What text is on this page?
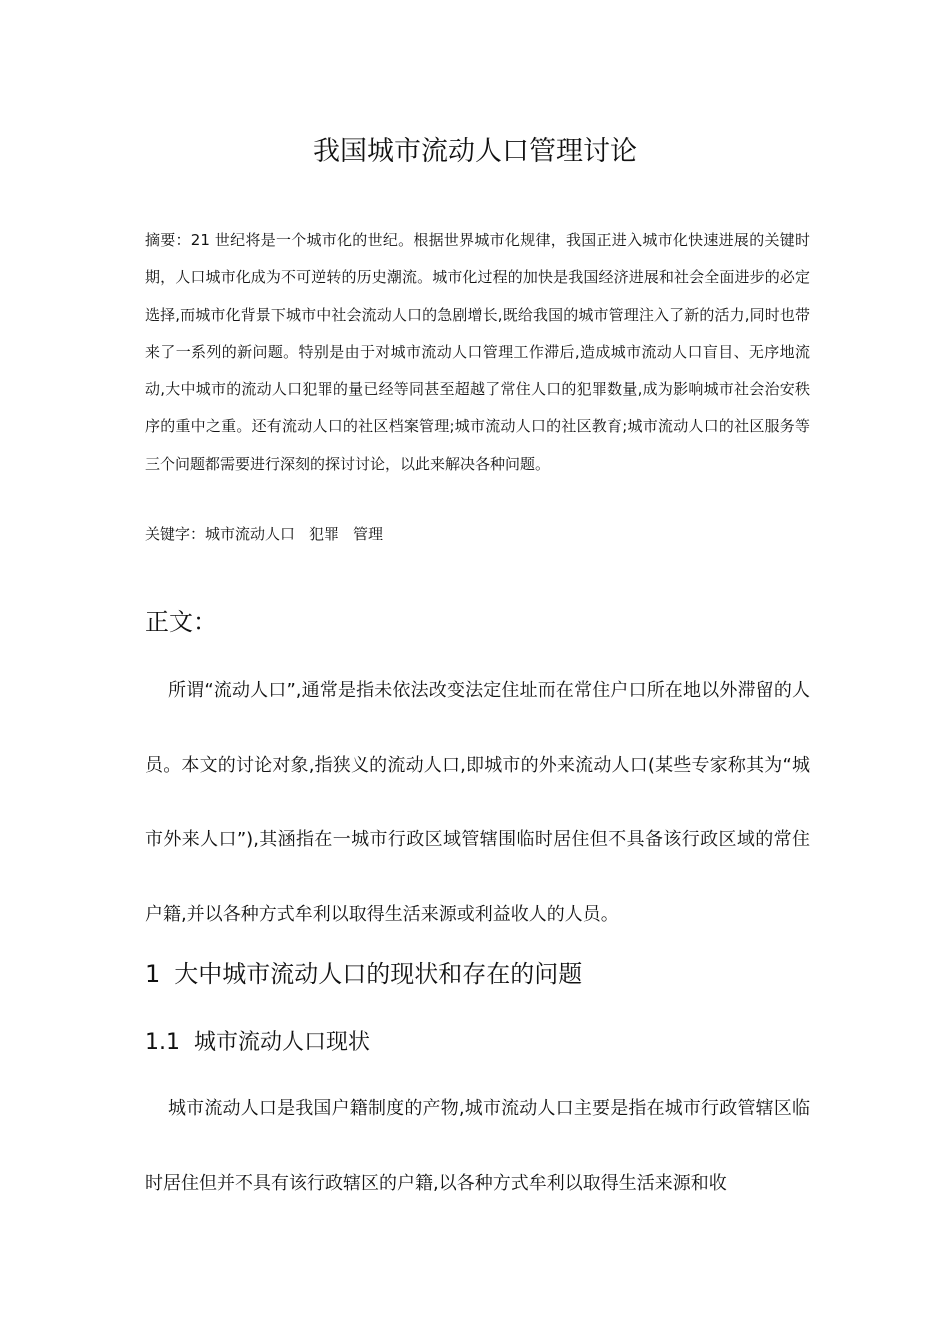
我国城市流动人口管理讨论
摘要：21 世纪将是一个城市化的世纪。根据世界城市化规律，我国正进入城市化快速进展的关键时期，人口城市化成为不可逆转的历史潮流。城市化过程的加快是我国经济进展和社会全面进步的必定选择,而城市化背景下城市中社会流动人口的急剧增长,既给我国的城市管理注入了新的活力,同时也带来了一系列的新问题。特别是由于对城市流动人口管理工作滞后,造成城市流动人口盲目、无序地流动,大中城市的流动人口犯罪的量已经等同甚至超越了常住人口的犯罪数量,成为影响城市社会治安秩序的重中之重。还有流动人口的社区档案管理;城市流动人口的社区教育;城市流动人口的社区服务等三个问题都需要进行深刻的探讨讨论，以此来解决各种问题。
关键字：城市流动人口 犯罪 管理
正文：
所谓“流动人口”,通常是指未依法改变法定住址而在常住户口所在地以外滞留的人员。本文的讨论对象,指狭义的流动人口,即城市的外来流动人口(某些专家称其为“城市外来人口”),其涵指在一城市行政区域管辖围临时居住但不具备该行政区域的常住户籍,并以各种方式牟利以取得生活来源或利益收人的人员。
1 大中城市流动人口的现状和存在的问题
1.1 城市流动人口现状
城市流动人口是我国户籍制度的产物,城市流动人口主要是指在城市行政管辖区临时居住但并不具有该行政辖区的户籍,以各种方式牟利以取得生活来源和收
